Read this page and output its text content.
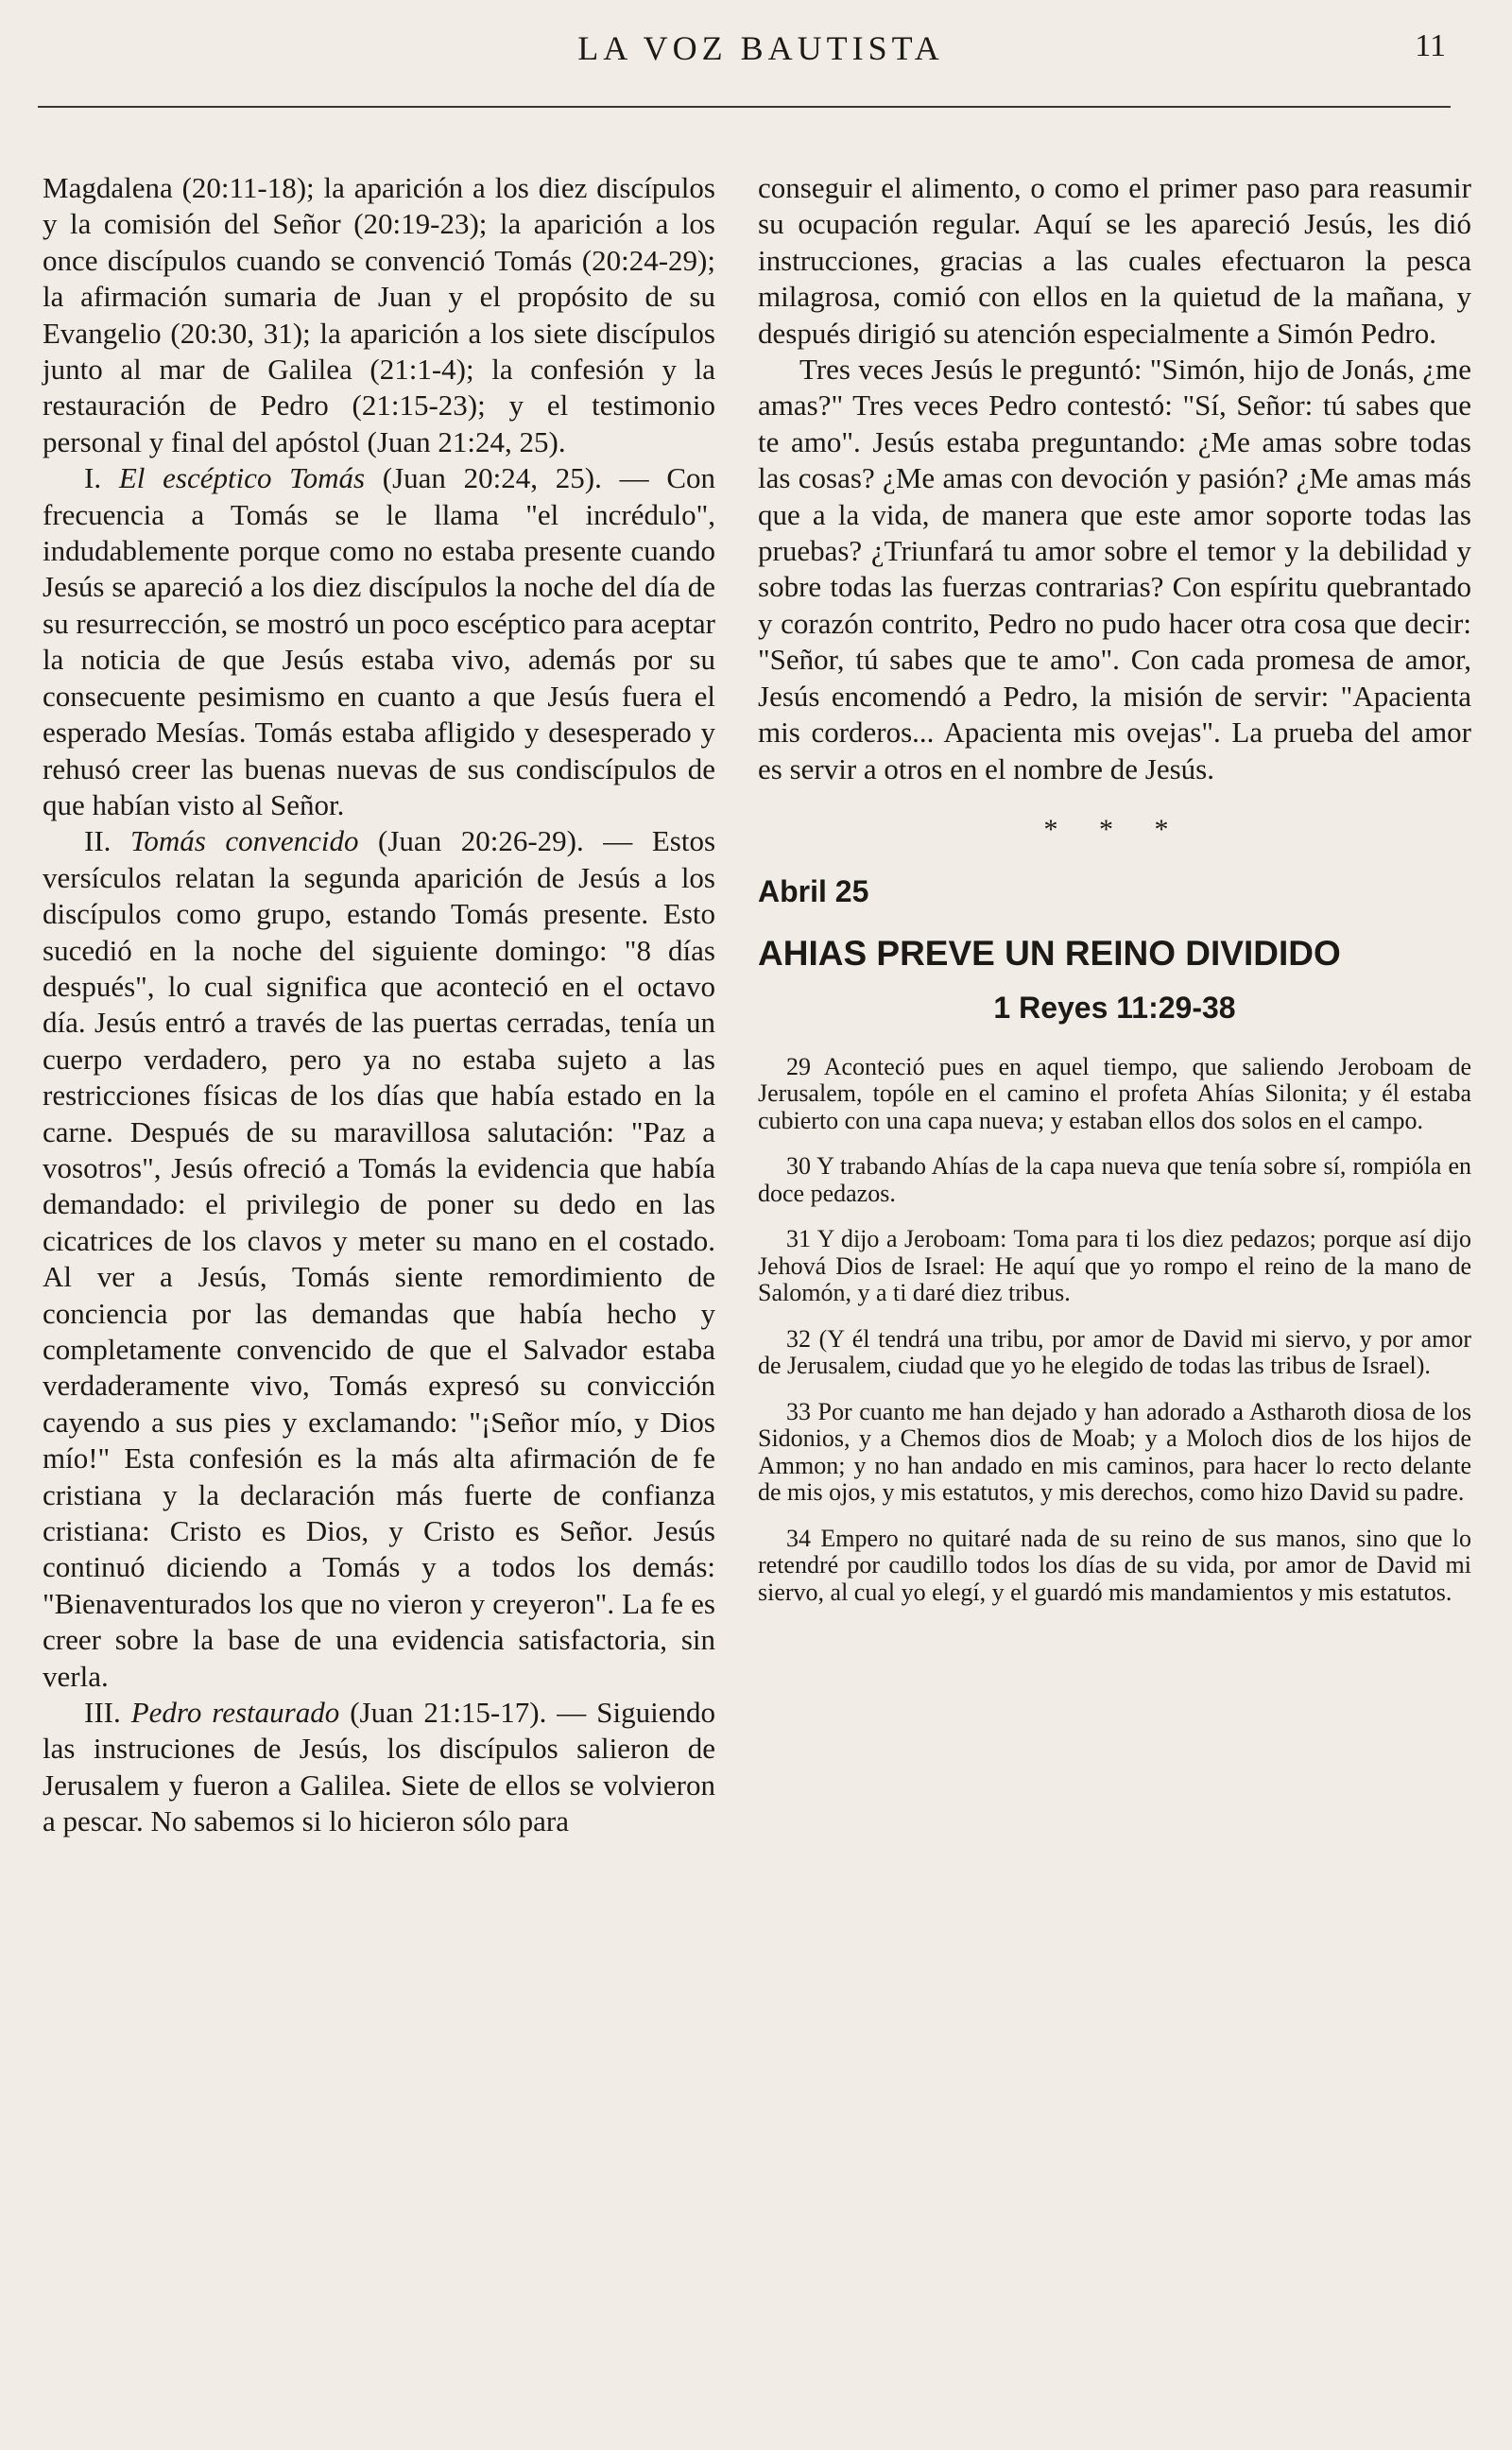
LA VOZ BAUTISTA	11

Magdalena (20:11-18); la aparición a los diez discípulos y la comisión del Señor (20:19-23); la aparición a los once discípulos cuando se convenció Tomás (20:24-29); la afirmación sumaria de Juan y el propósito de su Evangelio (20:30, 31); la aparición a los siete discípulos junto al mar de Galilea (21:1-4); la confesión y la restauración de Pedro (21:15-23); y el testimonio personal y final del apóstol (Juan 21:24, 25).

I. El escéptico Tomás (Juan 20:24, 25). — Con frecuencia a Tomás se le llama "el incrédulo", indudablemente porque como no estaba presente cuando Jesús se apareció a los diez discípulos la noche del día de su resurrección, se mostró un poco escéptico para aceptar la noticia de que Jesús estaba vivo, además por su consecuente pesimismo en cuanto a que Jesús fuera el esperado Mesías. Tomás estaba afligido y desesperado y rehusó creer las buenas nuevas de sus condiscípulos de que habían visto al Señor.

II. Tomás convencido (Juan 20:26-29). — Estos versículos relatan la segunda aparición de Jesús a los discípulos como grupo, estando Tomás presente. Esto sucedió en la noche del siguiente domingo: "8 días después", lo cual significa que aconteció en el octavo día. Jesús entró a través de las puertas cerradas, tenía un cuerpo verdadero, pero ya no estaba sujeto a las restricciones físicas de los días que había estado en la carne. Después de su maravillosa salutación: "Paz a vosotros", Jesús ofreció a Tomás la evidencia que había demandado: el privilegio de poner su dedo en las cicatrices de los clavos y meter su mano en el costado. Al ver a Jesús, Tomás siente remordimiento de conciencia por las demandas que había hecho y completamente convencido de que el Salvador estaba verdaderamente vivo, Tomás expresó su convicción cayendo a sus pies y exclamando: "¡Señor mío, y Dios mío!" Esta confesión es la más alta afirmación de fe cristiana y la declaración más fuerte de confianza cristiana: Cristo es Dios, y Cristo es Señor. Jesús continuó diciendo a Tomás y a todos los demás: "Bienaventurados los que no vieron y creyeron". La fe es creer sobre la base de una evidencia satisfactoria, sin verla.

III. Pedro restaurado (Juan 21:15-17). — Siguiendo las instruciones de Jesús, los discípulos salieron de Jerusalem y fueron a Galilea. Siete de ellos se volvieron a pescar. No sabemos si lo hicieron sólo para

conseguir el alimento, o como el primer paso para reasumir su ocupación regular. Aquí se les apareció Jesús, les dió instrucciones, gracias a las cuales efectuaron la pesca milagrosa, comió con ellos en la quietud de la mañana, y después dirigió su atención especialmente a Simón Pedro.

Tres veces Jesús le preguntó: "Simón, hijo de Jonás, ¿me amas?" Tres veces Pedro contestó: "Sí, Señor: tú sabes que te amo". Jesús estaba preguntando: ¿Me amas sobre todas las cosas? ¿Me amas con devoción y pasión? ¿Me amas más que a la vida, de manera que este amor soporte todas las pruebas? ¿Triunfará tu amor sobre el temor y la debilidad y sobre todas las fuerzas contrarias? Con espíritu quebrantado y corazón contrito, Pedro no pudo hacer otra cosa que decir: "Señor, tú sabes que te amo". Con cada promesa de amor, Jesús encomendó a Pedro, la misión de servir: "Apacienta mis corderos... Apacienta mis ovejas". La prueba del amor es servir a otros en el nombre de Jesús.

* * *
Abril 25
AHIAS PREVE UN REINO DIVIDIDO
1 Reyes 11:29-38

29 Aconteció pues en aquel tiempo, que saliendo Jeroboam de Jerusalem, topóle en el camino el profeta Ahías Silonita; y él estaba cubierto con una capa nueva; y estaban ellos dos solos en el campo.

30 Y trabando Ahías de la capa nueva que tenía sobre sí, rompióla en doce pedazos.

31 Y dijo a Jeroboam: Toma para ti los diez pedazos; porque así dijo Jehová Dios de Israel: He aquí que yo rompo el reino de la mano de Salomón, y a ti daré diez tribus.

32 (Y él tendrá una tribu, por amor de David mi siervo, y por amor de Jerusalem, ciudad que yo he elegido de todas las tribus de Israel).

33 Por cuanto me han dejado y han adorado a Astharoth diosa de los Sidonios, y a Chemos dios de Moab; y a Moloch dios de los hijos de Ammon; y no han andado en mis caminos, para hacer lo recto delante de mis ojos, y mis estatutos, y mis derechos, como hizo David su padre.

34 Empero no quitaré nada de su reino de sus manos, sino que lo retendré por caudillo todos los días de su vida, por amor de David mi siervo, al cual yo elegí, y el guardó mis mandamientos y mis estatutos.
